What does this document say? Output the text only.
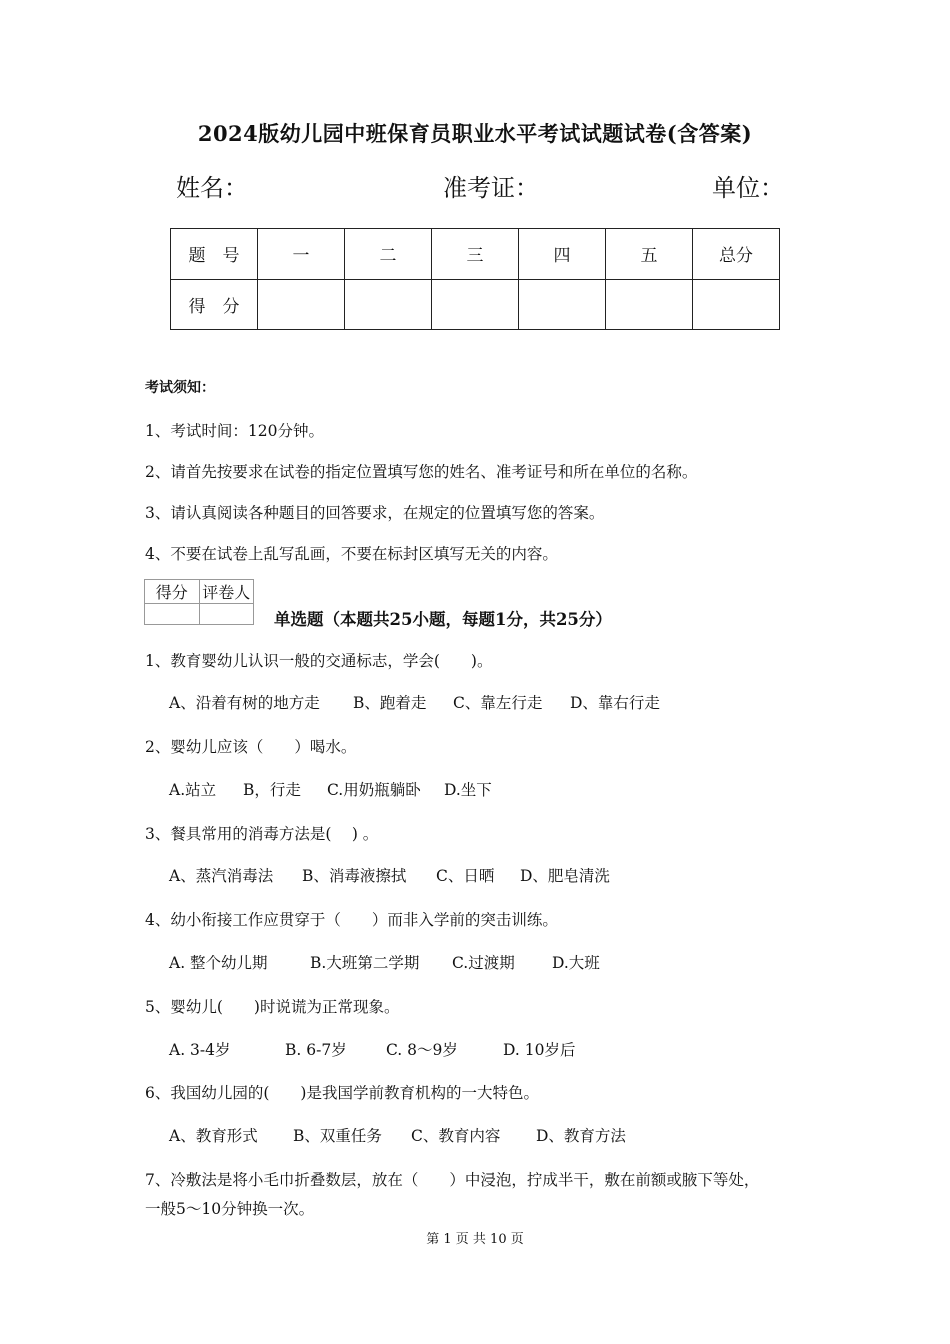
2024版幼儿园中班保育员职业水平考试试题试卷(含答案)
姓名：	准考证：	单位：
题　号	一	二	三	四	五	总分
得　分						
考试须知：
1、考试时间：120分钟。
2、请首先按要求在试卷的指定位置填写您的姓名、准考证号和所在单位的名称。
3、请认真阅读各种题目的回答要求，在规定的位置填写您的答案。
4、不要在试卷上乱写乱画，不要在标封区填写无关的内容。
得分	评卷人

单选题（本题共25小题，每题1分，共25分）
1、教育婴幼儿认识一般的交通标志，学会(　　)。
A、沿着有树的地方走 B、跑着走 C、靠左行走 D、靠右行走
2、婴幼儿应该（　　）喝水。
A.站立 B，行走 C.用奶瓶躺卧 D.坐下
3、餐具常用的消毒方法是(　 ) 。
A、蒸汽消毒法 B、消毒液擦拭 C、日晒 D、肥皂清洗
4、幼小衔接工作应贯穿于（　　）而非入学前的突击训练。
A. 整个幼儿期	B.大班第二学期 C.过渡期 D.大班
5、婴幼儿(　　)时说谎为正常现象。
A. 3-4岁	B. 6-7岁	C. 8～9岁	D. 10岁后
6、我国幼儿园的(　　)是我国学前教育机构的一大特色。
A、教育形式 B、双重任务 C、教育内容 D、教育方法
7、冷敷法是将小毛巾折叠数层，放在（　　）中浸泡，拧成半干，敷在前额或腋下等处，
一般5～10分钟换一次。
第 1 页 共 10 页
